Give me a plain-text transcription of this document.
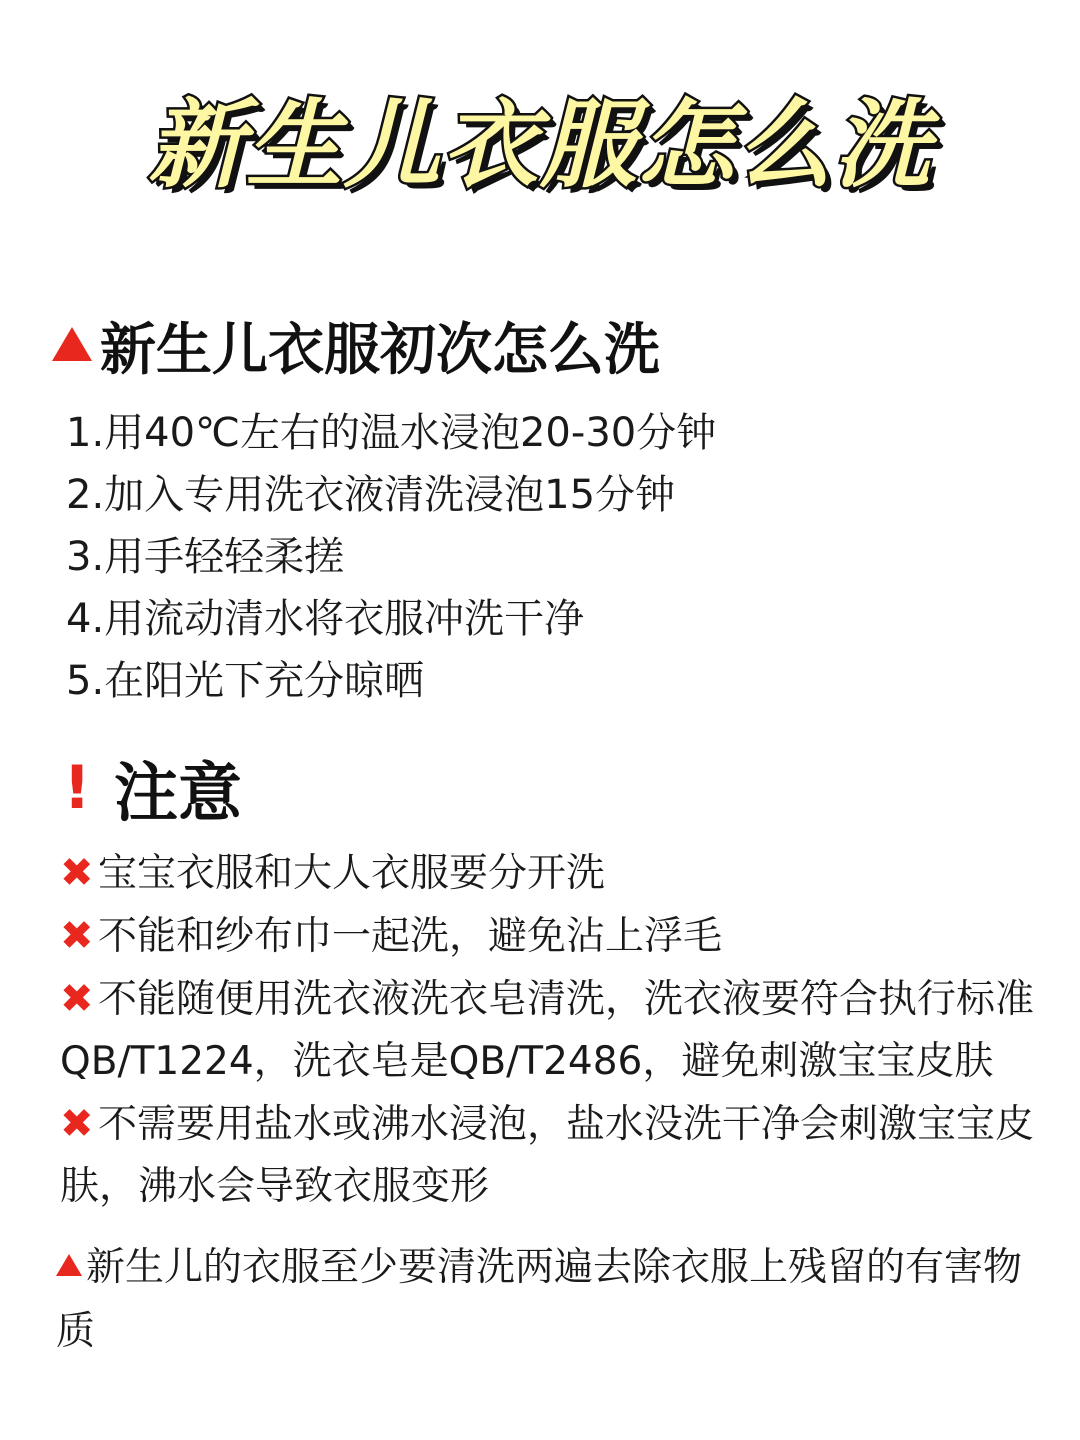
新生儿衣服怎么洗
新生儿衣服初次怎么洗
1.用40℃左右的温水浸泡20-30分钟
2.加入专用洗衣液清洗浸泡15分钟
3.用手轻轻柔搓
4.用流动清水将衣服冲洗干净
5.在阳光下充分晾晒
! 注意
✖ 宝宝衣服和大人衣服要分开洗
✖ 不能和纱布巾一起洗，避免沾上浮毛
✖ 不能随便用洗衣液洗衣皂清洗，洗衣液要符合执行标准QB/T1224，洗衣皂是QB/T2486，避免刺激宝宝皮肤
✖ 不需要用盐水或沸水浸泡，盐水没洗干净会刺激宝宝皮肤，沸水会导致衣服变形
新生儿的衣服至少要清洗两遍去除衣服上残留的有害物质
